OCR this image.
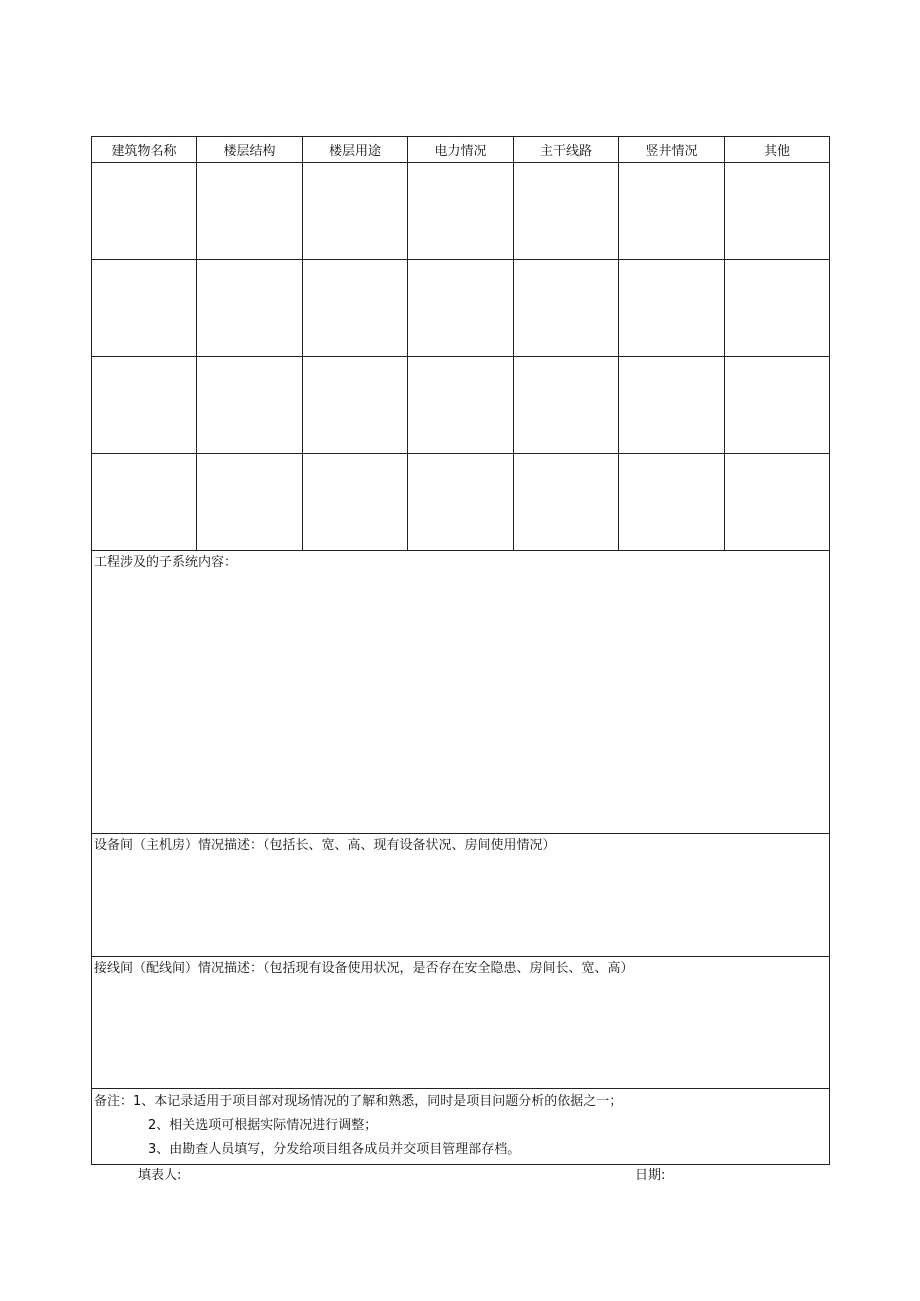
建筑物名称	楼层结构	楼层用途	电力情况	主干线路	竖井情况	其他

工程涉及的子系统内容：						
设备间（主机房）情况描述：（包括长、宽、高、现有设备状况、房间使用情况）						
接线间（配线间）情况描述：（包括现有设备使用状况，是否存在安全隐患、房间长、宽、高）						

备注：1、本记录适用于项目部对现场情况的了解和熟悉，同时是项目问题分析的依据之一；
2、相关选项可根据实际情况进行调整；
3、由勘查人员填写，分发给项目组各成员并交项目管理部存档。						
填表人:	日期:
